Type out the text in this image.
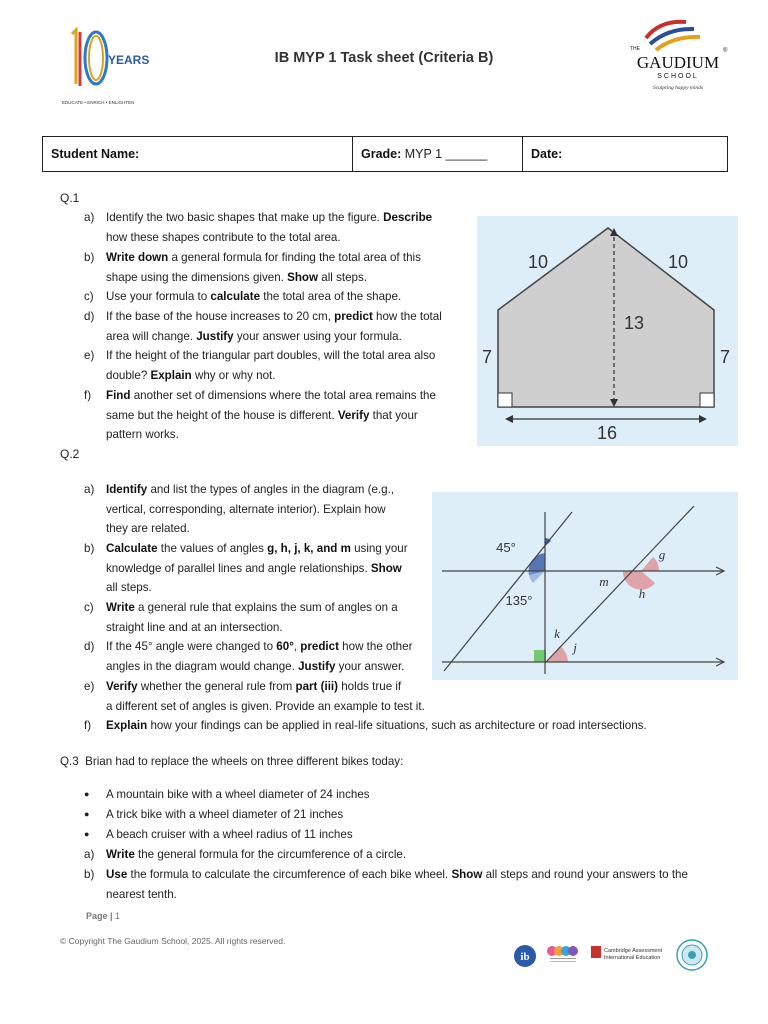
YEARS
EDUCATE • ENRICH • ENLIGHTEN
IB MYP 1 Task sheet (Criteria B)
THE	®
GAUDIUM
SCHOOL
Sculpting happy minds
Student Name:	Grade: MYP 1 ______	Date:
Q.1
a)	Identify the two basic shapes that make up the figure. Describe
how these shapes contribute to the total area.
b)	Write down a general formula for finding the total area of this
shape using the dimensions given. Show all steps.
c)	Use your formula to calculate the total area of the shape.
d)	If the base of the house increases to 20 cm, predict how the total
area will change. Justify your answer using your formula.
e)	If the height of the triangular part doubles, will the total area also
double? Explain why or why not.
f)	Find another set of dimensions where the total area remains the
same but the height of the house is different. Verify that your
pattern works.
10	10
13
7	7
16
Q.2
a)	Identify and list the types of angles in the diagram (e.g.,
vertical, corresponding, alternate interior). Explain how
they are related.
b)	Calculate the values of angles g, h, j, k, and m using your
knowledge of parallel lines and angle relationships. Show
all steps.
c)	Write a general rule that explains the sum of angles on a
straight line and at an intersection.
d)	If the 45° angle were changed to 60°, predict how the other
angles in the diagram would change. Justify your answer.
e)	Verify whether the general rule from part (iii) holds true if
a different set of angles is given. Provide an example to test it.
f)	Explain how your findings can be applied in real-life situations, such as architecture or road intersections.
45°
135°
g
h
m
k
j
Q.3 Brian had to replace the wheels on three different bikes today:
●	A mountain bike with a wheel diameter of 24 inches
●	A trick bike with a wheel diameter of 21 inches
●	A beach cruiser with a wheel radius of 11 inches
a)	Write the general formula for the circumference of a circle.
b)	Use the formula to calculate the circumference of each bike wheel. Show all steps and round your answers to the
nearest tenth.
Page | 1
© Copyright The Gaudium School, 2025. All rights reserved.
ib	Cambridge Assessment
International Education
